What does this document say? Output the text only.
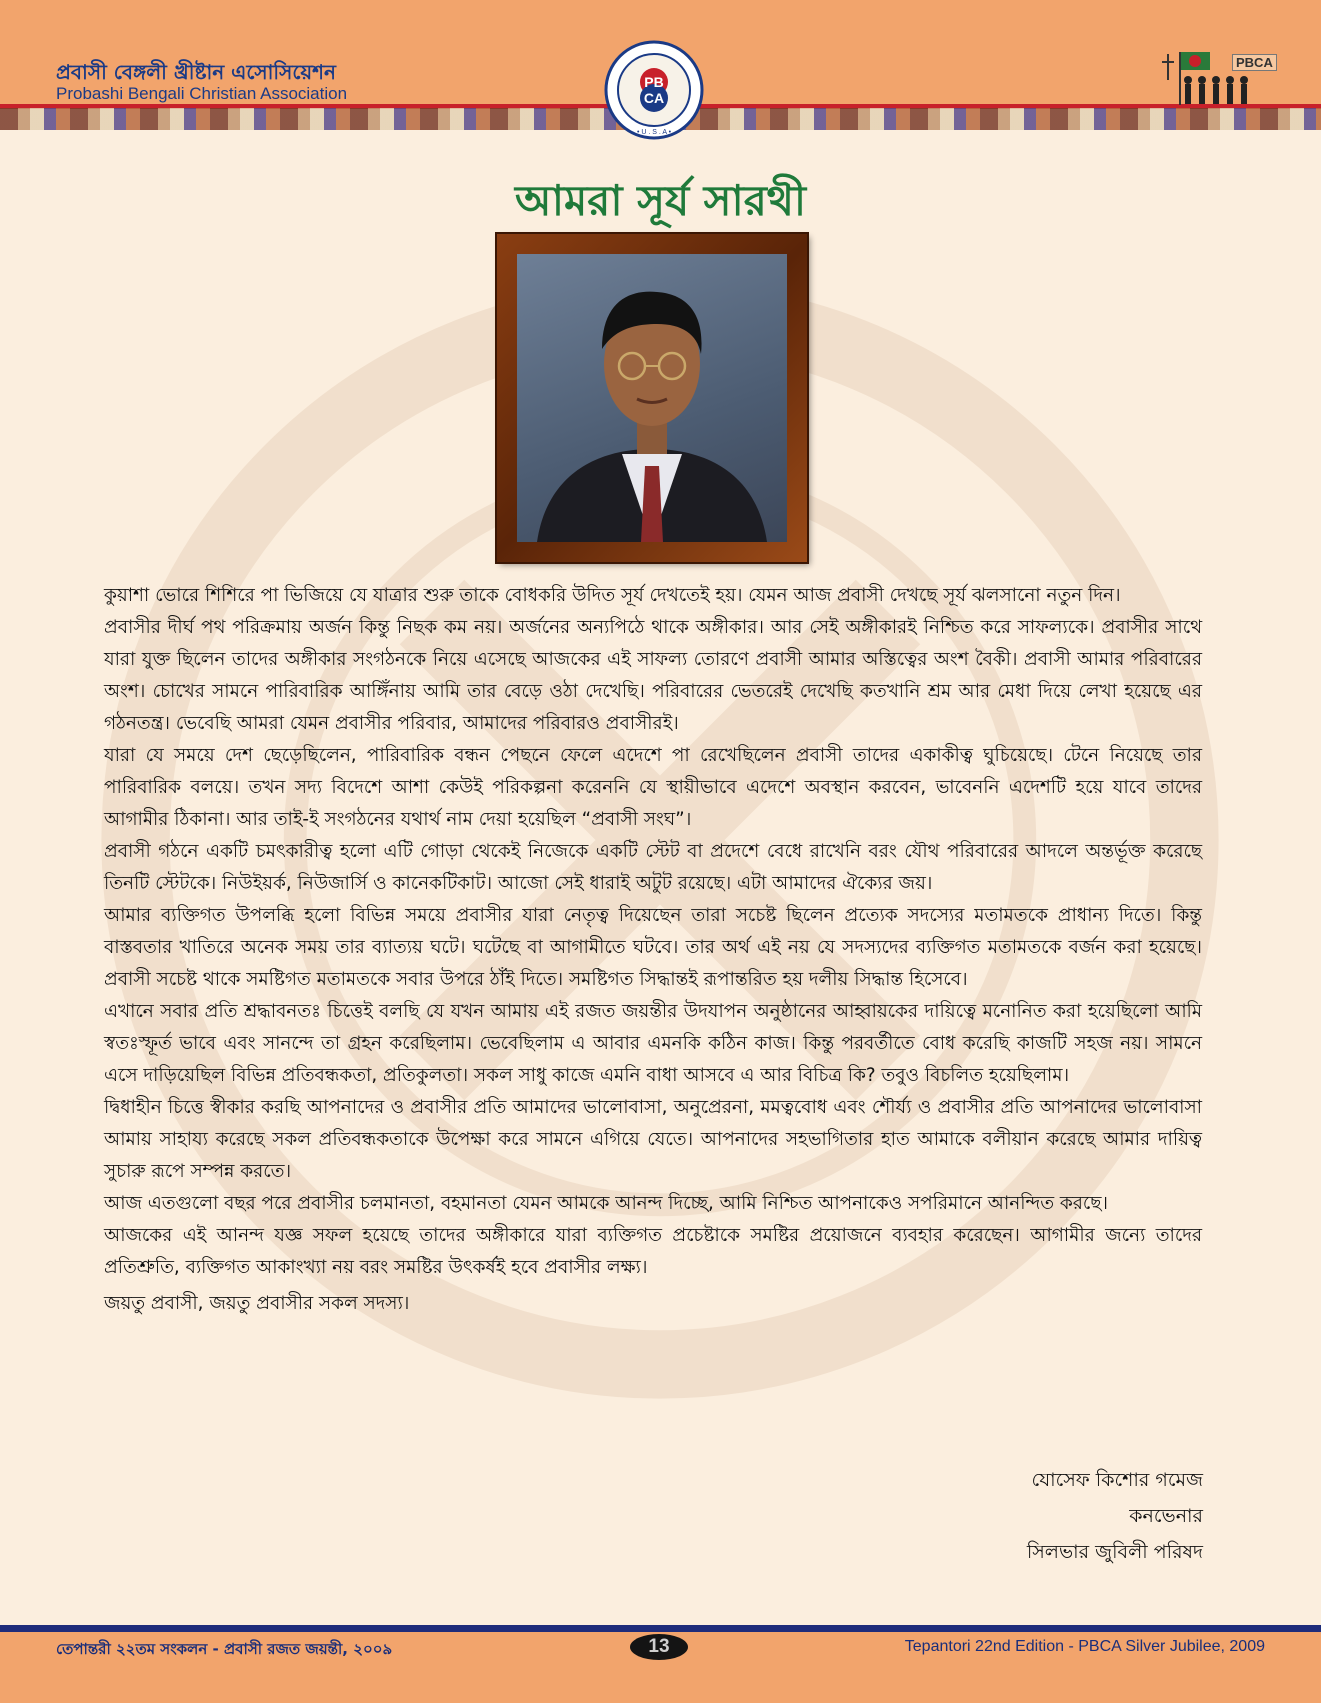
প্রবাসী বেঙ্গলী খ্রীষ্টান এসোসিয়েশন
Probashi Bengali Christian Association
PB
CA
• U . S . A •
PBCA
আমরা সূর্য সারথী

কুয়াশা ভোরে শিশিরে পা ভিজিয়ে যে যাত্রার শুরু তাকে বোধকরি উদিত সূর্য দেখতেই হয়। যেমন আজ প্রবাসী দেখছে সূর্য ঝলসানো নতুন দিন।

প্রবাসীর দীর্ঘ পথ পরিক্রমায় অর্জন কিন্তু নিছক কম নয়। অর্জনের অন্যপিঠে থাকে অঙ্গীকার। আর সেই অঙ্গীকারই নিশ্চিত করে সাফল্যকে। প্রবাসীর সাথে যারা যুক্ত ছিলেন তাদের অঙ্গীকার সংগঠনকে নিয়ে এসেছে আজকের এই সাফল্য তোরণে প্রবাসী আমার অস্তিত্বের অংশ বৈকী। প্রবাসী আমার পরিবারের অংশ। চোখের সামনে পারিবারিক আঙ্গিঁনায় আমি তার বেড়ে ওঠা দেখেছি। পরিবারের ভেতরেই দেখেছি কতখানি শ্রম আর মেধা দিয়ে লেখা হয়েছে এর গঠনতন্ত্র। ভেবেছি আমরা যেমন প্রবাসীর পরিবার, আমাদের পরিবারও প্রবাসীরই।

যারা যে সময়ে দেশ ছেড়েছিলেন, পারিবারিক বন্ধন পেছনে ফেলে এদেশে পা রেখেছিলেন প্রবাসী তাদের একাকীত্ব ঘুচিয়েছে। টেনে নিয়েছে তার পারিবারিক বলয়ে। তখন সদ্য বিদেশে আশা কেউই পরিকল্পনা করেননি যে স্থায়ীভাবে এদেশে অবস্থান করবেন, ভাবেননি এদেশটি হয়ে যাবে তাদের আগামীর ঠিকানা। আর তাই-ই সংগঠনের যথার্থ নাম দেয়া হয়েছিল “প্রবাসী সংঘ”।

প্রবাসী গঠনে একটি চমৎকারীত্ব হলো এটি গোড়া থেকেই নিজেকে একটি স্টেট বা প্রদেশে বেধে রাখেনি বরং যৌথ পরিবারের আদলে অন্তর্ভূক্ত করেছে তিনটি স্টেটকে। নিউইয়র্ক, নিউজার্সি ও কানেকটিকাট। আজো সেই ধারাই অটুট রয়েছে। এটা আমাদের ঐক্যের জয়।

আমার ব্যক্তিগত উপলব্ধি হলো বিভিন্ন সময়ে প্রবাসীর যারা নেতৃত্ব দিয়েছেন তারা সচেষ্ট ছিলেন প্রত্যেক সদস্যের মতামতকে প্রাধান্য দিতে। কিন্তু বাস্তবতার খাতিরে অনেক সময় তার ব্যাত্যয় ঘটে। ঘটেছে বা আগামীতে ঘটবে। তার অর্থ এই নয় যে সদস্যদের ব্যক্তিগত মতামতকে বর্জন করা হয়েছে। প্রবাসী সচেষ্ট থাকে সমষ্টিগত মতামতকে সবার উপরে ঠাঁই দিতে। সমষ্টিগত সিদ্ধান্তই রূপান্তরিত হয় দলীয় সিদ্ধান্ত হিসেবে।

এখানে সবার প্রতি শ্রদ্ধাবনতঃ চিত্তেই বলছি যে যখন আমায় এই রজত জয়ন্তীর উদযাপন অনুষ্ঠানের আহ্বায়কের দায়িত্বে মনোনিত করা হয়েছিলো আমি স্বতঃস্ফূর্ত ভাবে এবং সানন্দে তা গ্রহন করেছিলাম। ভেবেছিলাম এ আবার এমনকি কঠিন কাজ। কিন্তু পরবর্তীতে বোধ করেছি কাজটি সহজ নয়। সামনে এসে দাড়িয়েছিল বিভিন্ন প্রতিবন্ধকতা, প্রতিকুলতা। সকল সাধু কাজে এমনি বাধা আসবে এ আর বিচিত্র কি? তবুও বিচলিত হয়েছিলাম।

দ্বিধাহীন চিত্তে স্বীকার করছি আপনাদের ও প্রবাসীর প্রতি আমাদের ভালোবাসা, অনুপ্রেরনা, মমত্ববোধ এবং শৌর্য্য ও প্রবাসীর প্রতি আপনাদের ভালোবাসা আমায় সাহায্য করেছে সকল প্রতিবন্ধকতাকে উপেক্ষা করে সামনে এগিয়ে যেতে। আপনাদের সহভাগিতার হাত আমাকে বলীয়ান করেছে আমার দায়িত্ব সুচারু রূপে সম্পন্ন করতে।

আজ এতগুলো বছর পরে প্রবাসীর চলমানতা, বহমানতা যেমন আমকে আনন্দ দিচ্ছে, আমি নিশ্চিত আপনাকেও সপরিমানে আনন্দিত করছে।

আজকের এই আনন্দ যজ্ঞ সফল হয়েছে তাদের অঙ্গীকারে যারা ব্যক্তিগত প্রচেষ্টাকে সমষ্টির প্রয়োজনে ব্যবহার করেছেন। আগামীর জন্যে তাদের প্রতিশ্রুতি, ব্যক্তিগত আকাংখ্যা নয় বরং সমষ্টির উৎকর্ষই হবে প্রবাসীর লক্ষ্য।

জয়তু প্রবাসী, জয়তু প্রবাসীর সকল সদস্য।

যোসেফ কিশোর গমেজ
কনভেনার
সিলভার জুবিলী পরিষদ
তেপান্তরী ২২তম সংকলন - প্রবাসী রজত জয়ন্তী, ২০০৯	13	Tepantori 22nd Edition - PBCA Silver Jubilee, 2009
